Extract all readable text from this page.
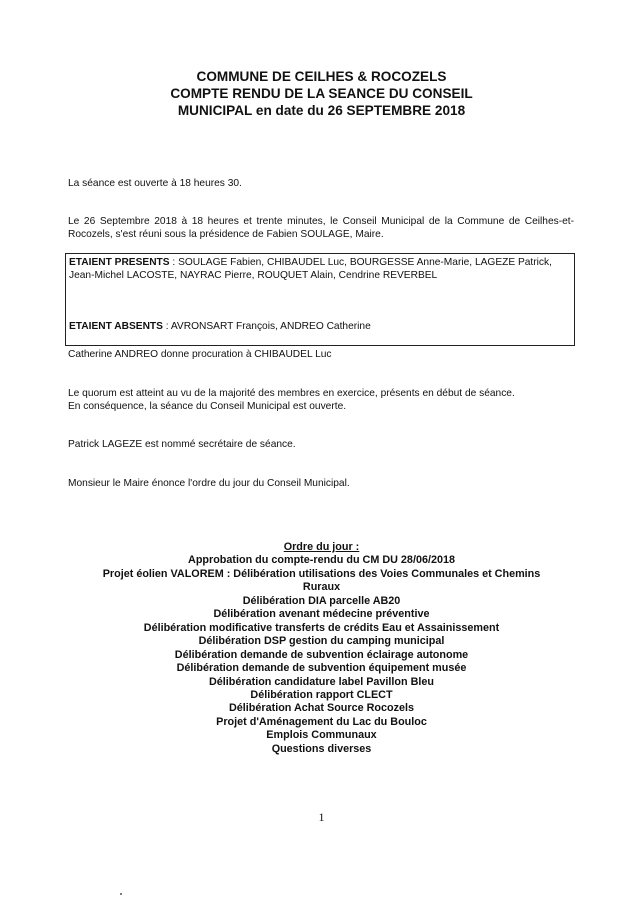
COMMUNE DE CEILHES & ROCOZELS
COMPTE RENDU DE LA SEANCE DU CONSEIL
MUNICIPAL en date du 26 SEPTEMBRE 2018
La séance est ouverte à 18 heures 30.
Le 26 Septembre 2018 à 18 heures et trente minutes, le Conseil Municipal de la Commune de Ceilhes-et-Rocozels, s'est réuni sous la présidence de Fabien SOULAGE, Maire.
ETAIENT PRESENTS : SOULAGE Fabien, CHIBAUDEL Luc, BOURGESSE Anne-Marie, LAGEZE Patrick, Jean-Michel LACOSTE, NAYRAC Pierre, ROUQUET Alain, Cendrine REVERBEL
ETAIENT ABSENTS : AVRONSART François, ANDREO Catherine
Catherine ANDREO donne procuration à CHIBAUDEL Luc
Le quorum est atteint au vu de la majorité des membres en exercice, présents en début de séance.
En conséquence, la séance du Conseil Municipal est ouverte.
Patrick LAGEZE est nommé secrétaire de séance.
Monsieur le Maire énonce l'ordre du jour du Conseil Municipal.
Ordre du jour :
Approbation du compte-rendu du CM DU 28/06/2018
Projet éolien VALOREM : Délibération utilisations des Voies Communales et Chemins
Ruraux
Délibération DIA parcelle AB20
Délibération avenant médecine préventive
Délibération modificative transferts de crédits Eau et Assainissement
Délibération DSP gestion du camping municipal
Délibération demande de subvention éclairage autonome
Délibération demande de subvention équipement musée
Délibération candidature label Pavillon Bleu
Délibération rapport CLECT
Délibération Achat Source Rocozels
Projet d'Aménagement du Lac du Bouloc
Emplois Communaux
Questions diverses
1
